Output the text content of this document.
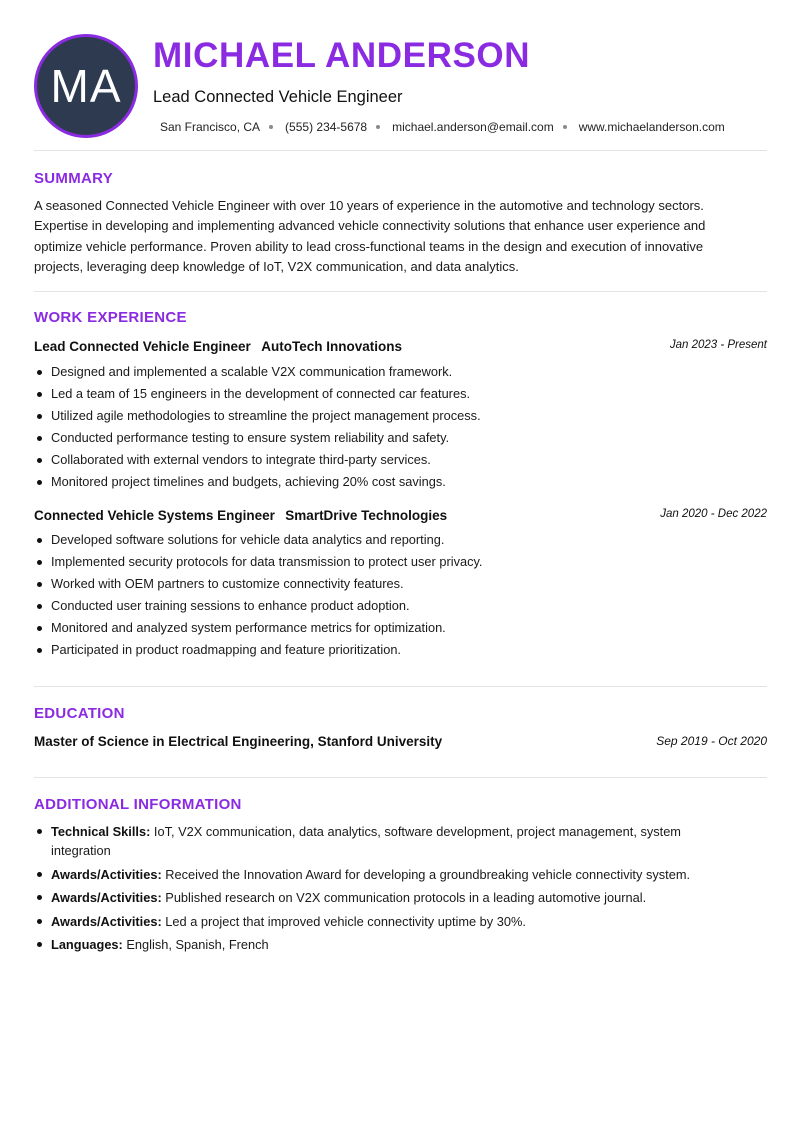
MA
MICHAEL ANDERSON
Lead Connected Vehicle Engineer
San Francisco, CA (555) 234-5678 michael.anderson@email.com www.michaelanderson.com
SUMMARY

A seasoned Connected Vehicle Engineer with over 10 years of experience in the automotive and technology sectors. Expertise in developing and implementing advanced vehicle connectivity solutions that enhance user experience and optimize vehicle performance. Proven ability to lead cross-functional teams in the design and execution of innovative projects, leveraging deep knowledge of IoT, V2X communication, and data analytics.

WORK EXPERIENCE
Lead Connected Vehicle Engineer AutoTech Innovations	Jan 2023 - Present
Designed and implemented a scalable V2X communication framework.
Led a team of 15 engineers in the development of connected car features.
Utilized agile methodologies to streamline the project management process.
Conducted performance testing to ensure system reliability and safety.
Collaborated with external vendors to integrate third-party services.
Monitored project timelines and budgets, achieving 20% cost savings.
Connected Vehicle Systems Engineer SmartDrive Technologies	Jan 2020 - Dec 2022
Developed software solutions for vehicle data analytics and reporting.
Implemented security protocols for data transmission to protect user privacy.
Worked with OEM partners to customize connectivity features.
Conducted user training sessions to enhance product adoption.
Monitored and analyzed system performance metrics for optimization.
Participated in product roadmapping and feature prioritization.
EDUCATION
Master of Science in Electrical Engineering, Stanford University	Sep 2019 - Oct 2020
ADDITIONAL INFORMATION
Technical Skills: IoT, V2X communication, data analytics, software development, project management, system integration
Awards/Activities: Received the Innovation Award for developing a groundbreaking vehicle connectivity system.
Awards/Activities: Published research on V2X communication protocols in a leading automotive journal.
Awards/Activities: Led a project that improved vehicle connectivity uptime by 30%.
Languages: English, Spanish, French
